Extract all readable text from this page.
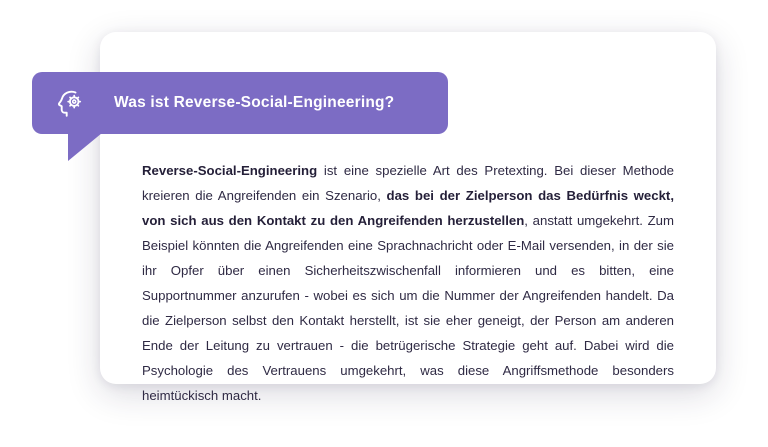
Was ist Reverse-Social-Engineering?
Reverse-Social-Engineering ist eine spezielle Art des Pretexting. Bei dieser Methode kreieren die Angreifenden ein Szenario, das bei der Zielperson das Bedürfnis weckt, von sich aus den Kontakt zu den Angreifenden herzustellen, anstatt umgekehrt. Zum Beispiel könnten die Angreifenden eine Sprachnachricht oder E-Mail versenden, in der sie ihr Opfer über einen Sicherheitszwischenfall informieren und es bitten, eine Supportnummer anzurufen - wobei es sich um die Nummer der Angreifenden handelt. Da die Zielperson selbst den Kontakt herstellt, ist sie eher geneigt, der Person am anderen Ende der Leitung zu vertrauen - die betrügerische Strategie geht auf. Dabei wird die Psychologie des Vertrauens umgekehrt, was diese Angriffsmethode besonders heimtückisch macht.
